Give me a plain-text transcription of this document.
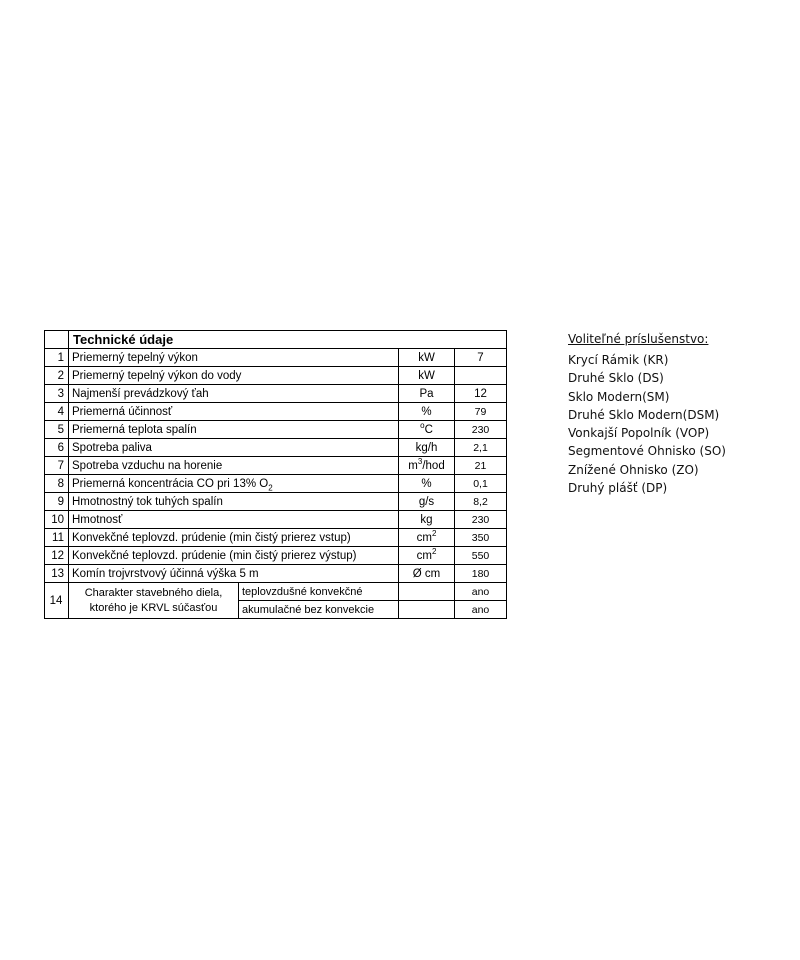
	Technické údaje			
1	Priemerný tepelný výkon		kW	7
2	Priemerný tepelný výkon do vody		kW	
3	Najmenší prevádzkový ťah		Pa	12
4	Priemerná účinnosť		%	79
5	Priemerná teplota spalín		$^o$C	230
6	Spotreba paliva		kg/h	2,1
7	Spotreba vzduchu na horenie		$m^3$/hod	21
8	Priemerná koncentrácia CO pri 13% $O_2$		%	0,1
9	Hmotnostný tok tuhých spalín		g/s	8,2
10	Hmotnosť		kg	230
11	Konvekčné teplovzd. prúdenie (min čistý prierez vstup)		$cm^2$	350
12	Konvekčné teplovzd. prúdenie (min čistý prierez výstup)		$cm^2$	550
13	Komín trojvrstvový účinná výška 5 m		Ø cm	180
14	Charakter stavebného diela,
ktorého je KRVL súčasťou	teplovzdušné konvekčné		ano
		akumulačné bez konvekcie		ano
Voliteľné príslušenstvo:
Krycí Rámik (KR)
Druhé Sklo (DS)
Sklo Modern(SM)
Druhé Sklo Modern(DSM)
Vonkajší Popolník (VOP)
Segmentové Ohnisko (SO)
Znížené Ohnisko (ZO)
Druhý plášť (DP)
